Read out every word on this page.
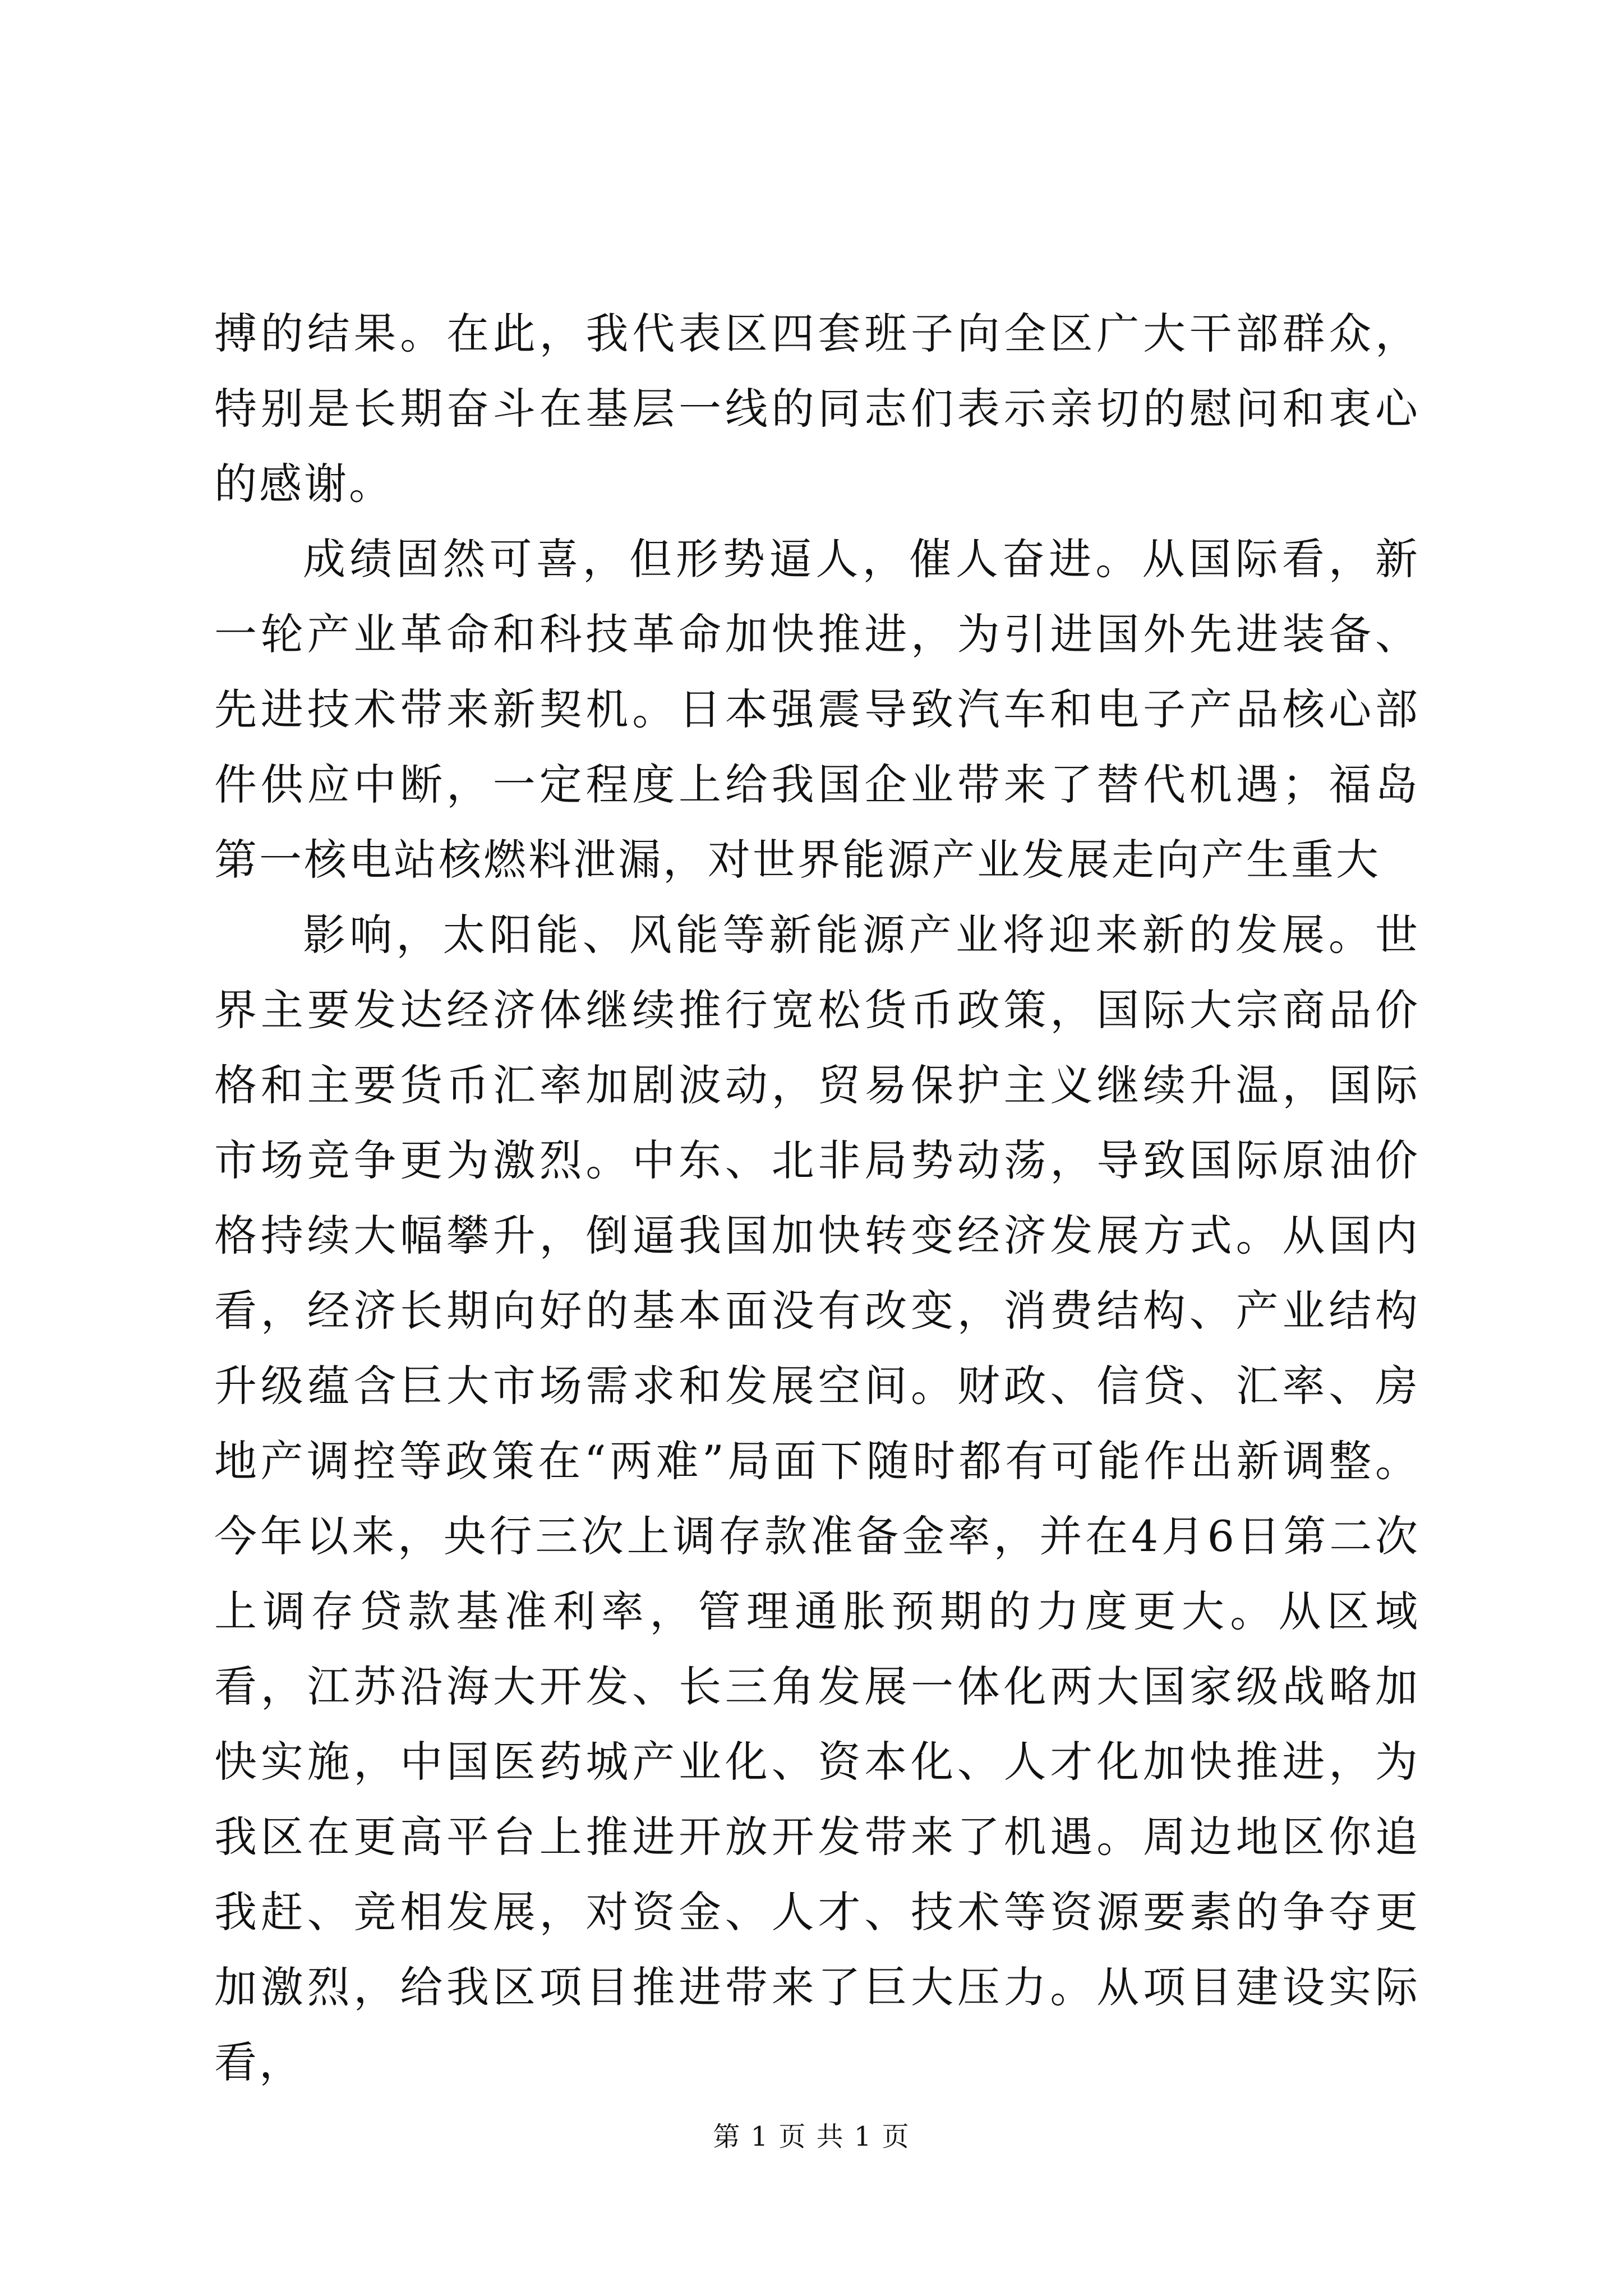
搏的结果。在此，我代表区四套班子向全区广大干部群众，特别是长期奋斗在基层一线的同志们表示亲切的慰问和衷心的感谢。

成绩固然可喜，但形势逼人，催人奋进。从国际看，新一轮产业革命和科技革命加快推进，为引进国外先进装备、先进技术带来新契机。日本强震导致汽车和电子产品核心部件供应中断，一定程度上给我国企业带来了替代机遇；福岛第一核电站核燃料泄漏，对世界能源产业发展走向产生重大

影响，太阳能、风能等新能源产业将迎来新的发展。世界主要发达经济体继续推行宽松货币政策，国际大宗商品价格和主要货币汇率加剧波动，贸易保护主义继续升温，国际市场竞争更为激烈。中东、北非局势动荡，导致国际原油价格持续大幅攀升，倒逼我国加快转变经济发展方式。从国内看，经济长期向好的基本面没有改变，消费结构、产业结构升级蕴含巨大市场需求和发展空间。财政、信贷、汇率、房地产调控等政策在“两难”局面下随时都有可能作出新调整。今年以来，央行三次上调存款准备金率，并在4月6日第二次上调存贷款基准利率，管理通胀预期的力度更大。从区域看，江苏沿海大开发、长三角发展一体化两大国家级战略加快实施，中国医药城产业化、资本化、人才化加快推进，为我区在更高平台上推进开放开发带来了机遇。周边地区你追我赶、竞相发展，对资金、人才、技术等资源要素的争夺更加激烈，给我区项目推进带来了巨大压力。从项目建设实际看，

第 1 页 共 1 页
